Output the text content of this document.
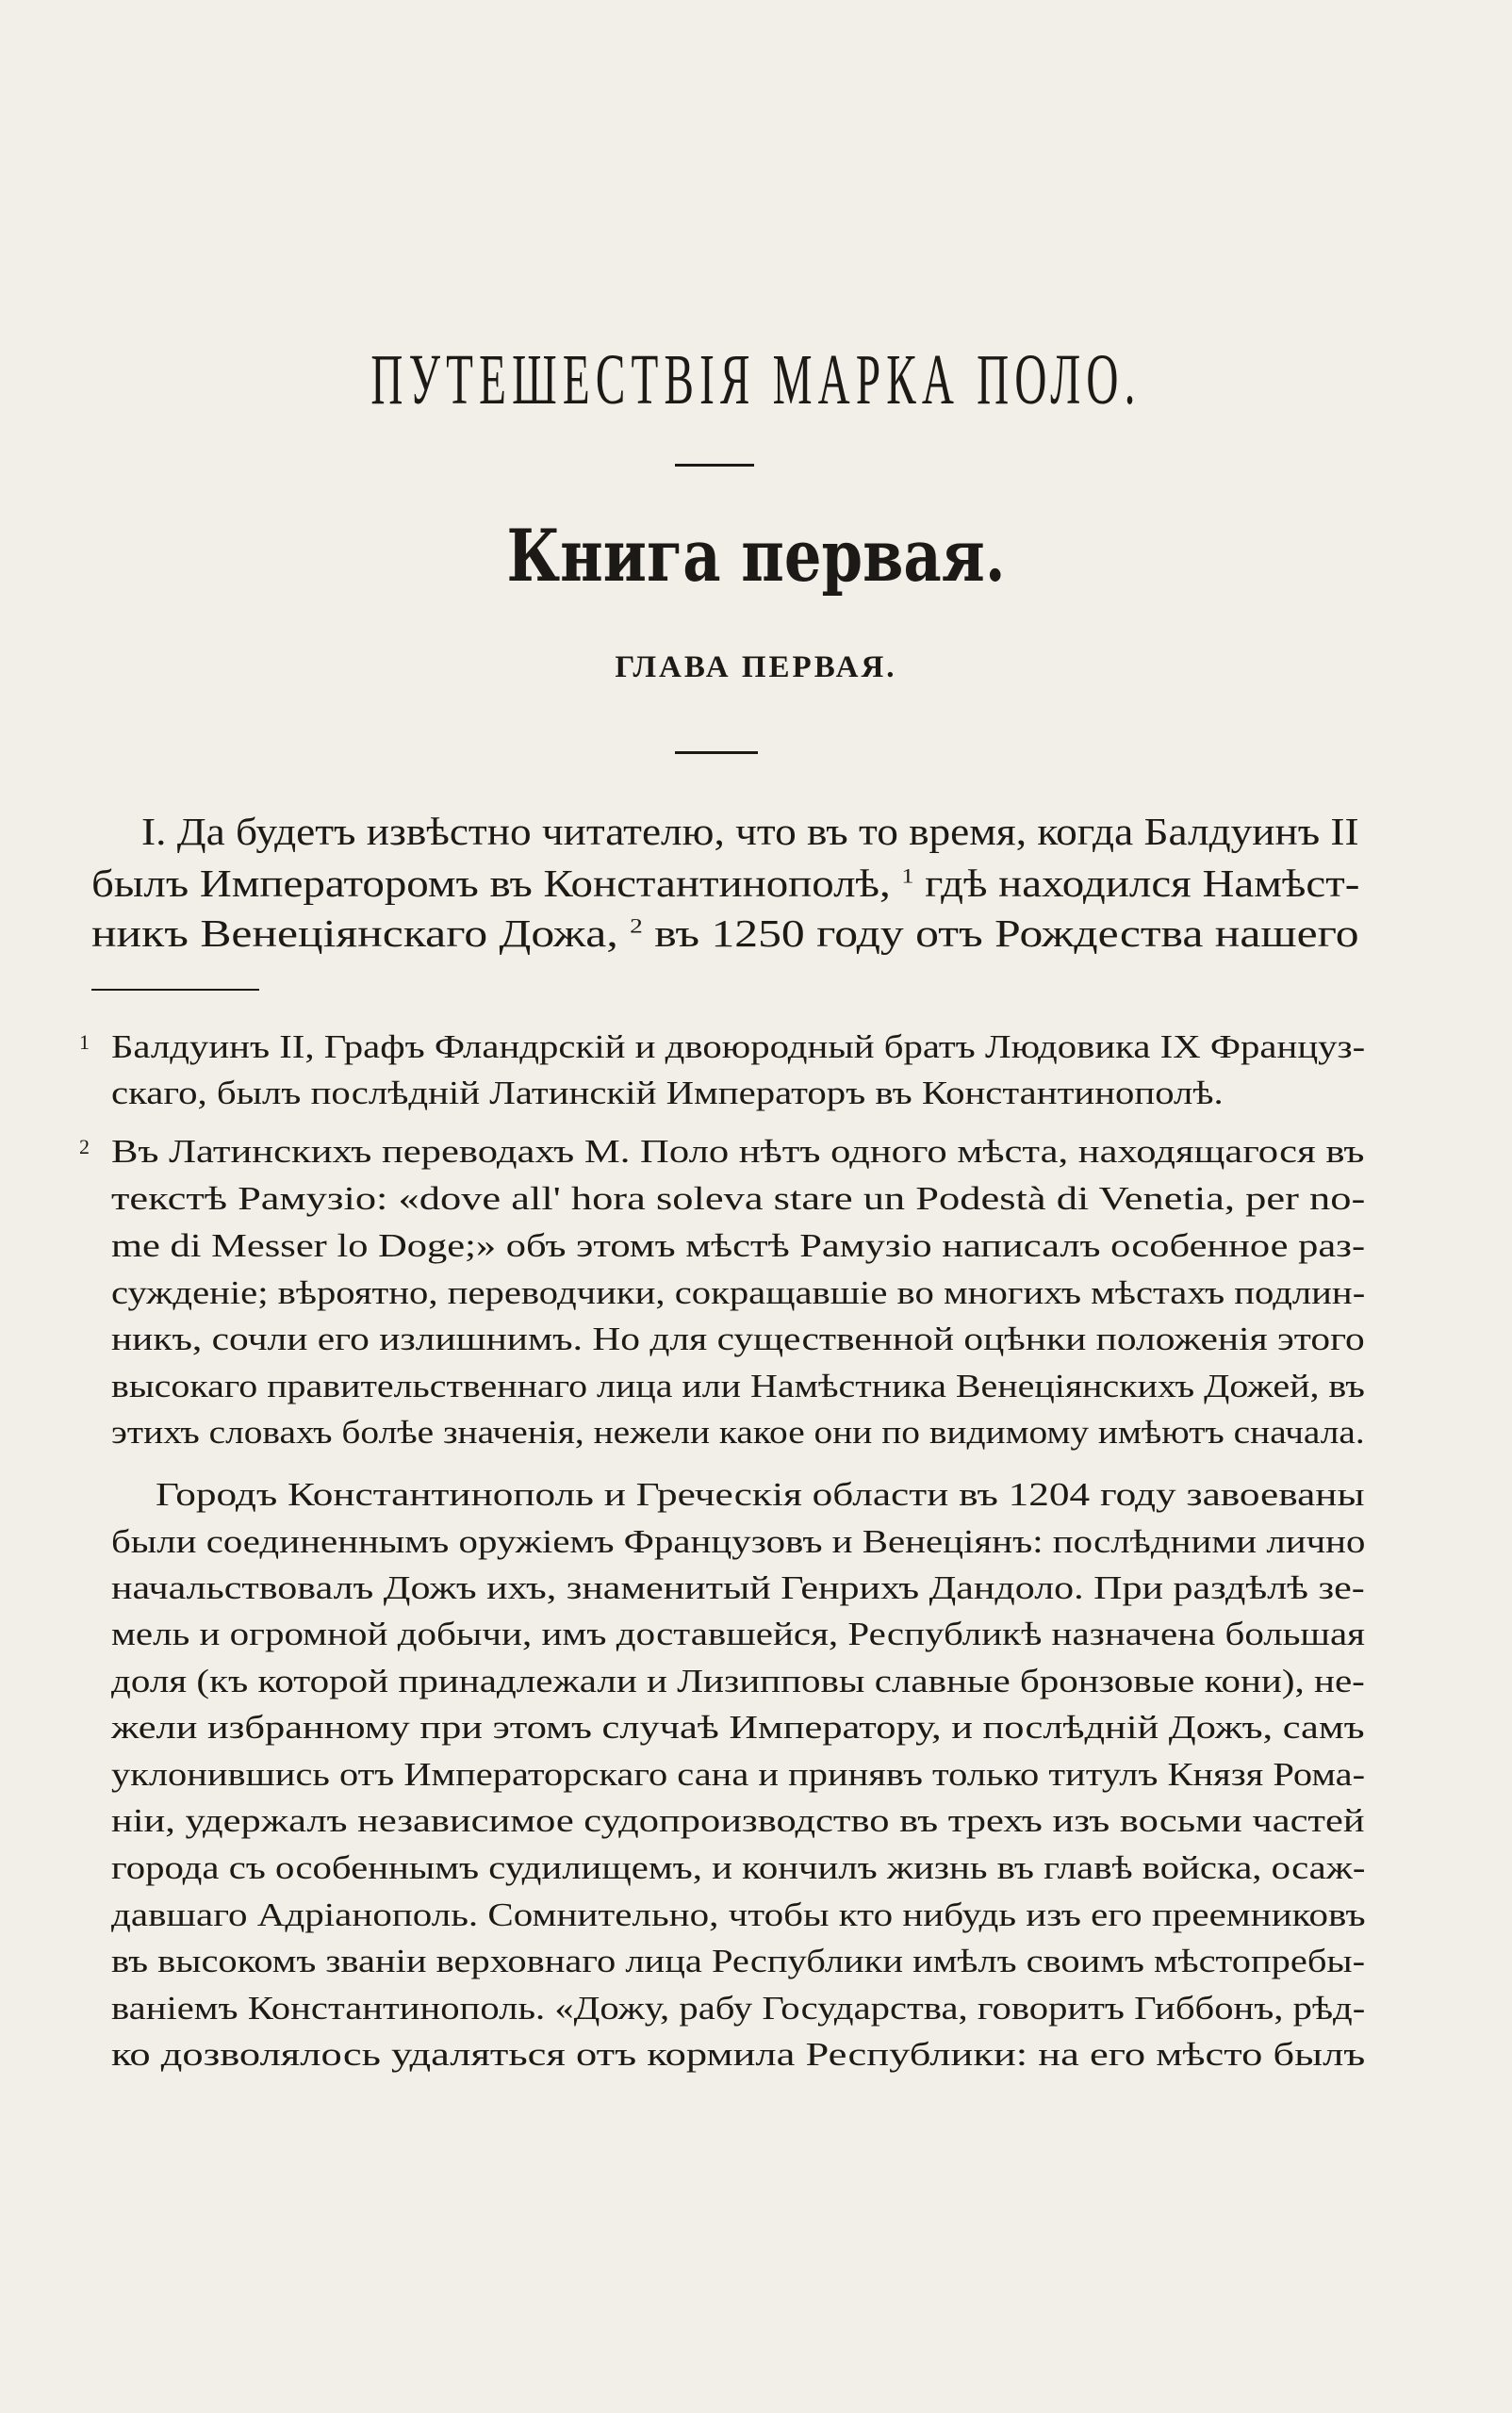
ПУТЕШЕСТВІЯ МАРКА ПОЛО.
Книга первая.
ГЛАВА ПЕРВАЯ.
I. Да будетъ извѣстно читателю, что въ то время, когда Балдуинъ II
былъ Императоромъ въ Константинополѣ, $^1$ гдѣ находился Намѣст-
никъ Венеціянскаго Дожа, $^2$ въ 1250 году отъ Рождества нашего
1 Балдуинъ II, Графъ Фландрскій и двоюродный братъ Людовика IX Француз-
скаго, былъ послѣдній Латинскій Императоръ въ Константинополѣ.
2 Въ Латинскихъ переводахъ М. Поло нѣтъ одного мѣста, находящагося въ
текстѣ Рамузіо: «dove all' hora soleva stare un Podestà di Venetia, per no-
me di Messer lo Doge;» объ этомъ мѣстѣ Рамузіо написалъ особенное раз-
сужденіе; вѣроятно, переводчики, сокращавшіе во многихъ мѣстахъ подлин-
никъ, сочли его излишнимъ. Но для существенной оцѣнки положенія этого
высокаго правительственнаго лица или Намѣстника Венеціянскихъ Дожей, въ
этихъ словахъ болѣе значенія, нежели какое они по видимому имѣютъ сначала.
Городъ Константинополь и Греческія области въ 1204 году завоеваны
были соединеннымъ оружіемъ Французовъ и Венеціянъ: послѣдними лично
начальствовалъ Дожъ ихъ, знаменитый Генрихъ Дандоло. При раздѣлѣ зе-
мель и огромной добычи, имъ доставшейся, Республикѣ назначена большая
доля (къ которой принадлежали и Лизипповы славные бронзовые кони), не-
жели избранному при этомъ случаѣ Императору, и послѣдній Дожъ, самъ
уклонившись отъ Императорскаго сана и принявъ только титулъ Князя Рома-
ніи, удержалъ независимое судопроизводство въ трехъ изъ восьми частей
города съ особеннымъ судилищемъ, и кончилъ жизнь въ главѣ войска, осаж-
давшаго Адріанополь. Сомнительно, чтобы кто нибудь изъ его преемниковъ
въ высокомъ званіи верховнаго лица Республики имѣлъ своимъ мѣстопребы-
ваніемъ Константинополь. «Дожу, рабу Государства, говоритъ Гиббонъ, рѣд-
ко дозволялось удаляться отъ кормила Республики: на его мѣсто былъ
